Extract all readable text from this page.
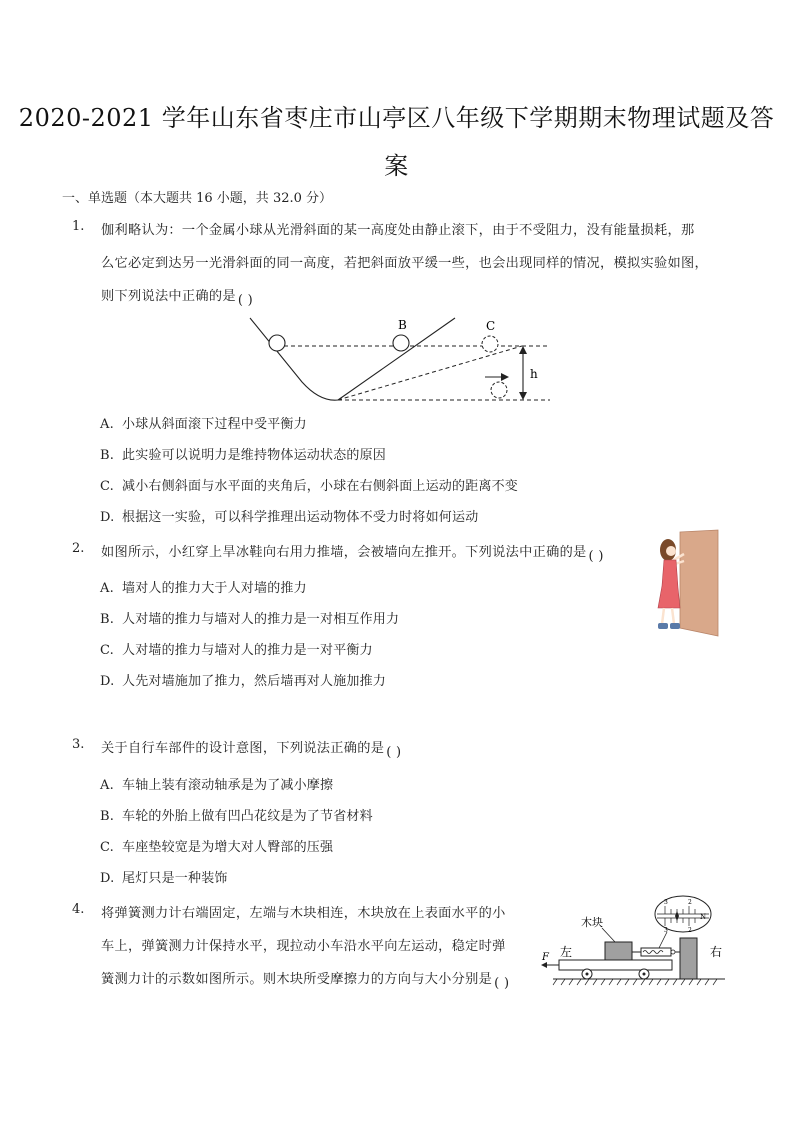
2020-2021 学年山东省枣庄市山亭区八年级下学期期末物理试题及答
案
一、单选题（本大题共 16 小题，共 32.0 分）
1. 伽利略认为：一个金属小球从光滑斜面的某一高度处由静止滚下，由于不受阻力，没有能量损耗，那
么它必定到达另一光滑斜面的同一高度，若把斜面放平缓一些，也会出现同样的情况，模拟实验如图，
则下列说法中正确的是 ( )
B	C
h
A. 小球从斜面滚下过程中受平衡力
B. 此实验可以说明力是维持物体运动状态的原因
C. 减小右侧斜面与水平面的夹角后，小球在右侧斜面上运动的距离不变
D. 根据这一实验，可以科学推理出运动物体不受力时将如何运动
2. 如图所示，小红穿上旱冰鞋向右用力推墙，会被墙向左推开。下列说法中正确的是 ( )
A. 墙对人的推力大于人对墙的推力
B. 人对墙的推力与墙对人的推力是一对相互作用力
C. 人对墙的推力与墙对人的推力是一对平衡力
D. 人先对墙施加了推力，然后墙再对人施加推力
3. 关于自行车部件的设计意图，下列说法正确的是 ( )
A. 车轴上装有滚动轴承是为了减小摩擦
B. 车轮的外胎上做有凹凸花纹是为了节省材料
C. 车座垫较宽是为增大对人臀部的压强
D. 尾灯只是一种装饰
4. 将弹簧测力计右端固定，左端与木块相连，木块放在上表面水平的小
车上，弹簧测力计保持水平，现拉动小车沿水平向左运动，稳定时弹
簧测力计的示数如图所示。则木块所受摩擦力的方向与大小分别是 ( )
3	2
3	2
N
木块
左	右
F
